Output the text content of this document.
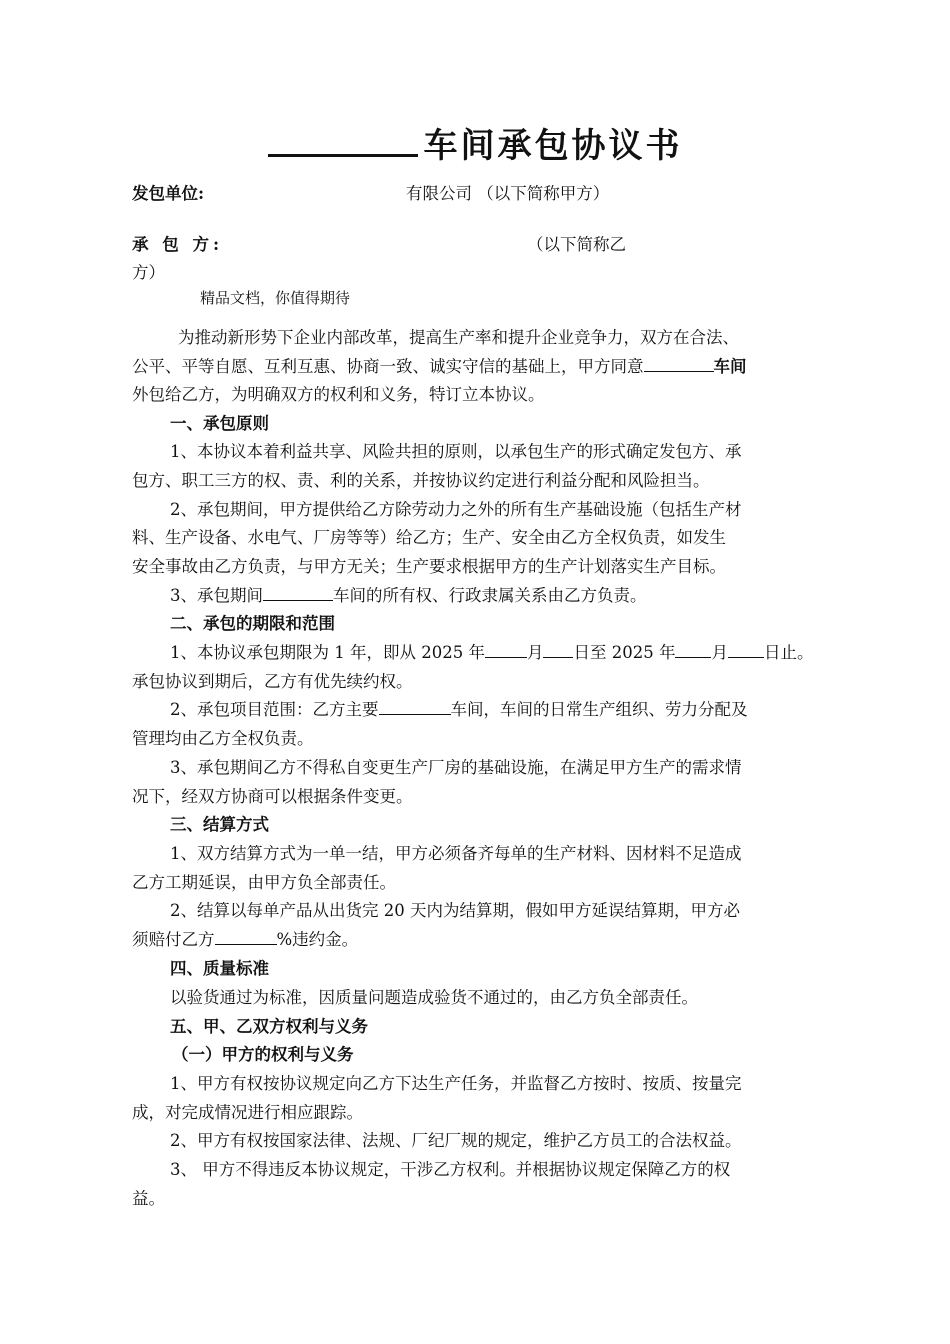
车间承包协议书
发包单位:	有限公司 （以下简称甲方）
承 包 方:	（以下简称乙
方）
精品文档，你值得期待
为推动新形势下企业内部改革，提高生产率和提升企业竞争力，双方在合法、
公平、平等自愿、互利互惠、协商一致、诚实守信的基础上，甲方同意	车间
外包给乙方，为明确双方的权利和义务，特订立本协议。
一、承包原则
1、本协议本着利益共享、风险共担的原则，以承包生产的形式确定发包方、承
包方、职工三方的权、责、利的关系，并按协议约定进行利益分配和风险担当。
2、承包期间，甲方提供给乙方除劳动力之外的所有生产基础设施（包括生产材
料、生产设备、水电气、厂房等等）给乙方；生产、安全由乙方全权负责，如发生
安全事故由乙方负责，与甲方无关；生产要求根据甲方的生产计划落实生产目标。
3、承包期间	车间的所有权、行政隶属关系由乙方负责。
二、承包的期限和范围
1、本协议承包期限为 1 年，即从 2025 年	月 日至 2025 年 月 日止。
承包协议到期后，乙方有优先续约权。
2、承包项目范围：乙方主要	车间，车间的日常生产组织、劳力分配及
管理均由乙方全权负责。
3、承包期间乙方不得私自变更生产厂房的基础设施，在满足甲方生产的需求情
况下，经双方协商可以根据条件变更。
三、结算方式
1、双方结算方式为一单一结，甲方必须备齐每单的生产材料、因材料不足造成
乙方工期延误，由甲方负全部责任。
2、结算以每单产品从出货完 20 天内为结算期，假如甲方延误结算期，甲方必
须赔付乙方	%违约金。
四、质量标准
以验货通过为标准，因质量问题造成验货不通过的，由乙方负全部责任。
五、甲、乙双方权利与义务
（一）甲方的权利与义务
1、甲方有权按协议规定向乙方下达生产任务，并监督乙方按时、按质、按量完
成，对完成情况进行相应跟踪。
2、甲方有权按国家法律、法规、厂纪厂规的规定，维护乙方员工的合法权益。
3、 甲方不得违反本协议规定，干涉乙方权利。并根据协议规定保障乙方的权
益。
